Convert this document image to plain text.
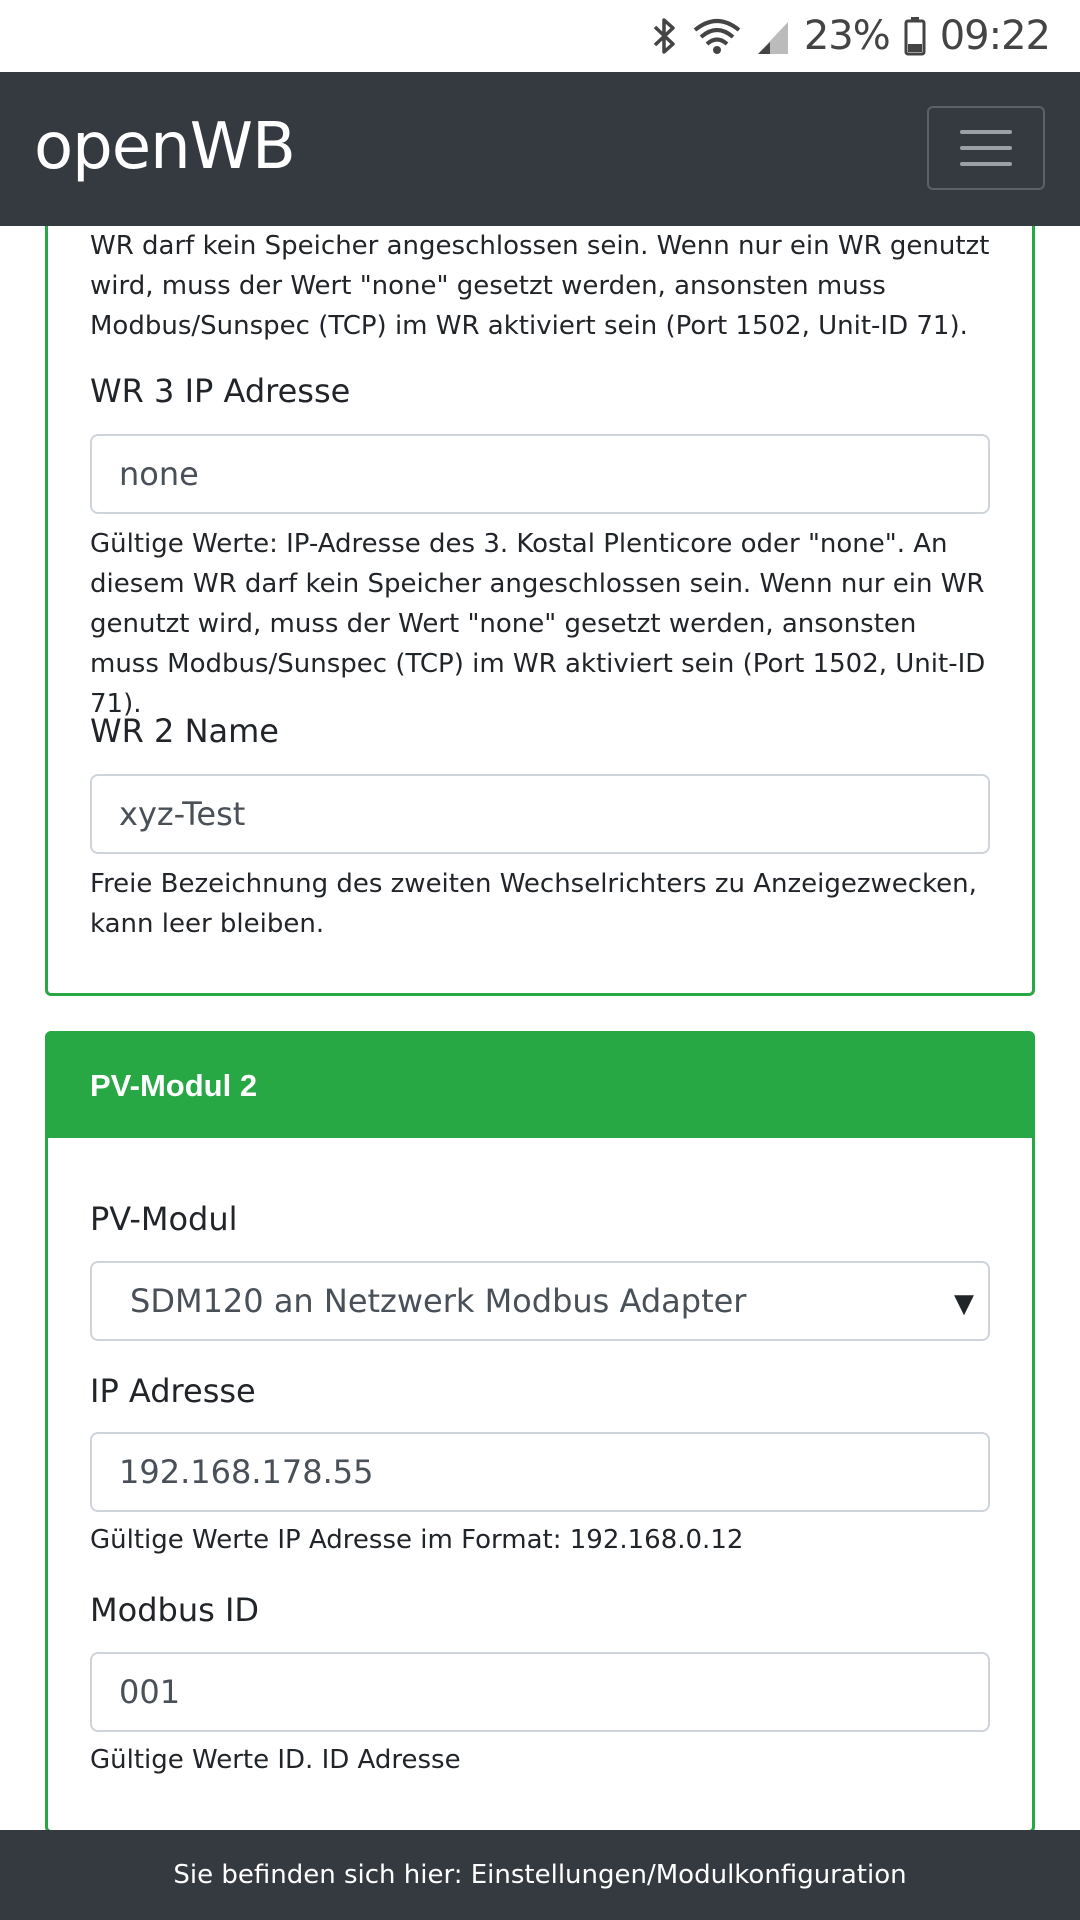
23% 09:22
WR darf kein Speicher angeschlossen sein. Wenn nur ein WR genutzt wird, muss der Wert "none" gesetzt werden, ansonsten muss Modbus/Sunspec (TCP) im WR aktiviert sein (Port 1502, Unit-ID 71).
WR 3 IP Adresse
none
Gültige Werte: IP-Adresse des 3. Kostal Plenticore oder "none". An diesem WR darf kein Speicher angeschlossen sein. Wenn nur ein WR genutzt wird, muss der Wert "none" gesetzt werden, ansonsten muss Modbus/Sunspec (TCP) im WR aktiviert sein (Port 1502, Unit-ID 71).
WR 2 Name
xyz-Test
Freie Bezeichnung des zweiten Wechselrichters zu Anzeigezwecken, kann leer bleiben.
PV-Modul 2
PV-Modul
SDM120 an Netzwerk Modbus Adapter	▼
IP Adresse
192.168.178.55
Gültige Werte IP Adresse im Format: 192.168.0.12
Modbus ID
001
Gültige Werte ID. ID Adresse
openWB
Sie befinden sich hier: Einstellungen/Modulkonfiguration
